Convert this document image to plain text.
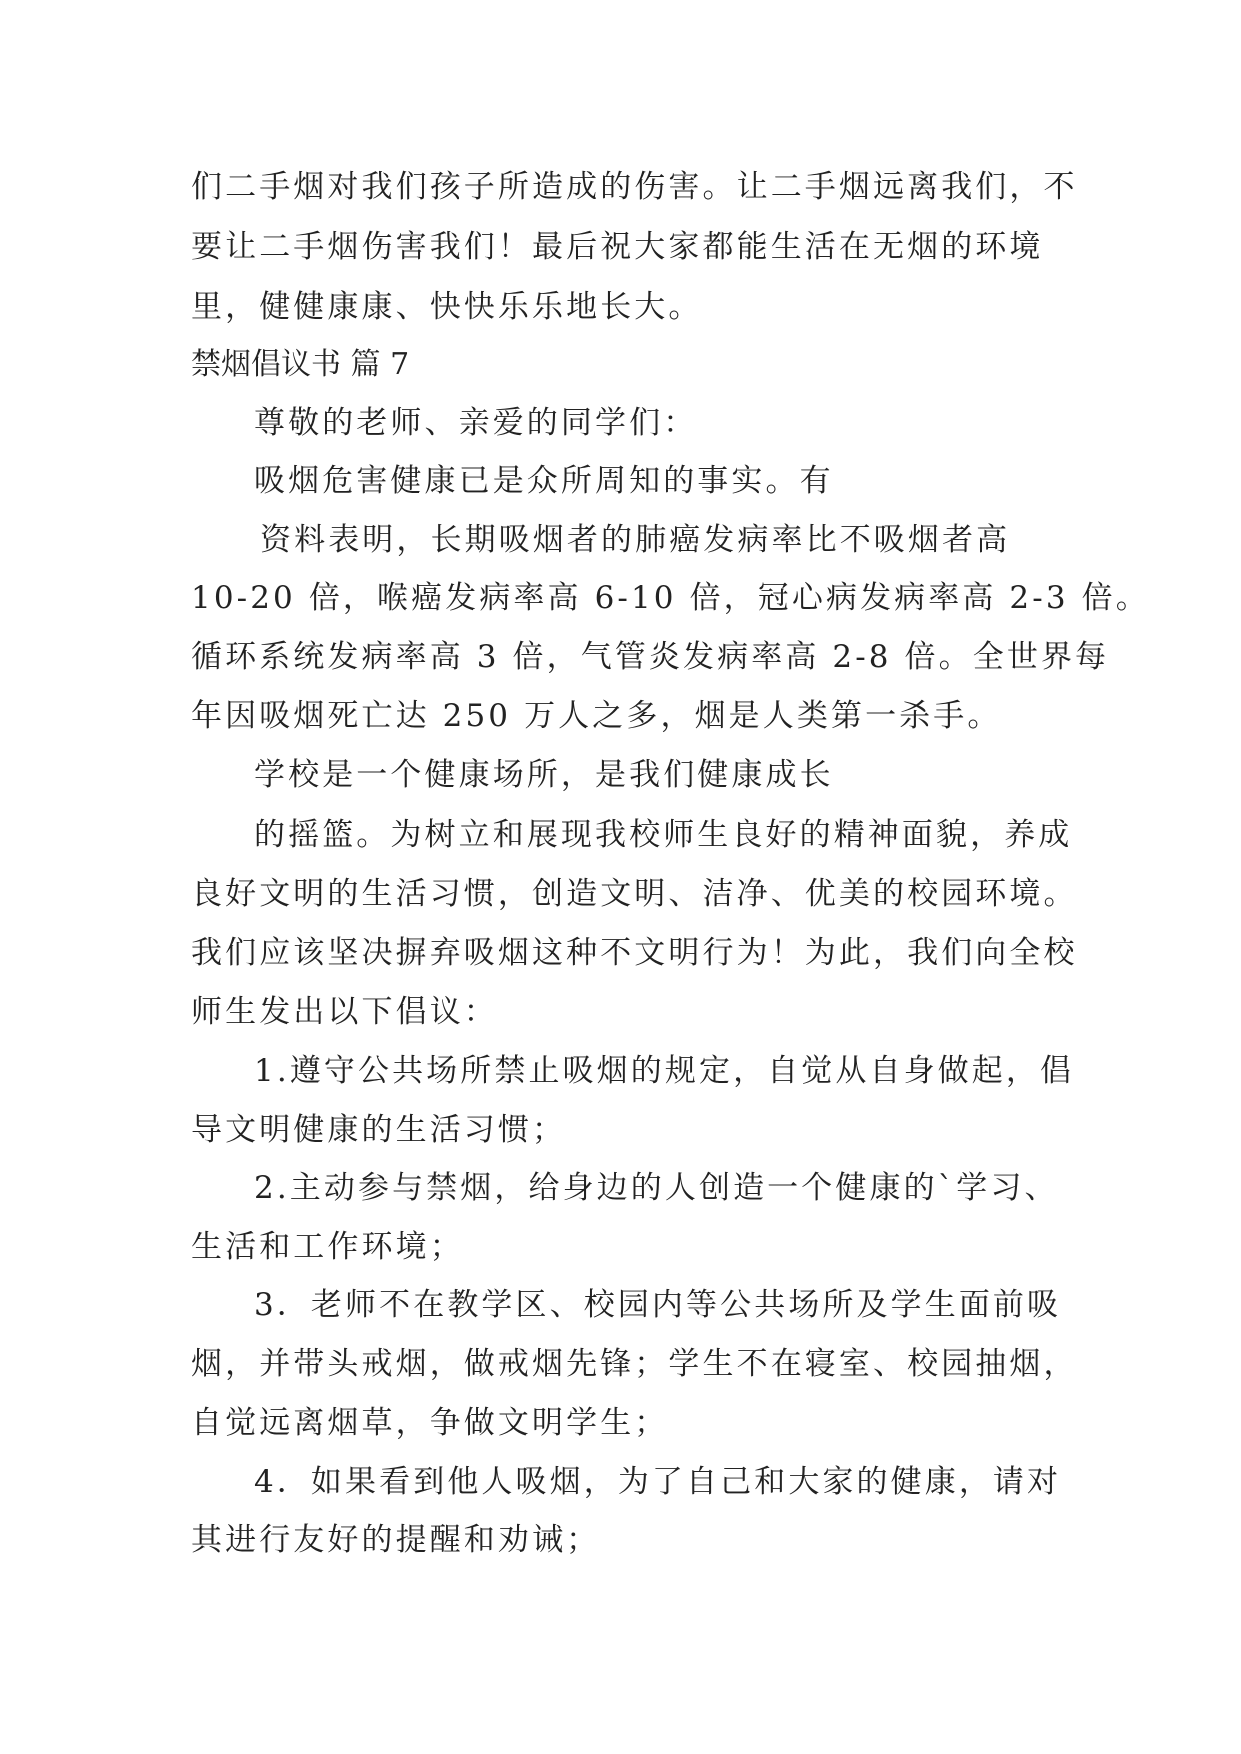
们二手烟对我们孩子所造成的伤害。让二手烟远离我们，不
要让二手烟伤害我们！最后祝大家都能生活在无烟的环境
里，健健康康、快快乐乐地长大。
禁烟倡议书 篇 7
尊敬的老师、亲爱的同学们：
吸烟危害健康已是众所周知的事实。有
资料表明，长期吸烟者的肺癌发病率比不吸烟者高
10-20 倍，喉癌发病率高 6-10 倍，冠心病发病率高 2-3 倍。
循环系统发病率高 3 倍，气管炎发病率高 2-8 倍。全世界每
年因吸烟死亡达 250 万人之多，烟是人类第一杀手。
学校是一个健康场所，是我们健康成长
的摇篮。为树立和展现我校师生良好的精神面貌，养成
良好文明的生活习惯，创造文明、洁净、优美的校园环境。
我们应该坚决摒弃吸烟这种不文明行为！为此，我们向全校
师生发出以下倡议：
1.遵守公共场所禁止吸烟的规定，自觉从自身做起，倡
导文明健康的生活习惯；
2.主动参与禁烟，给身边的人创造一个健康的`学习、
生活和工作环境；
3．老师不在教学区、校园内等公共场所及学生面前吸
烟，并带头戒烟，做戒烟先锋；学生不在寝室、校园抽烟，
自觉远离烟草，争做文明学生；
4．如果看到他人吸烟，为了自己和大家的健康，请对
其进行友好的提醒和劝诫；
